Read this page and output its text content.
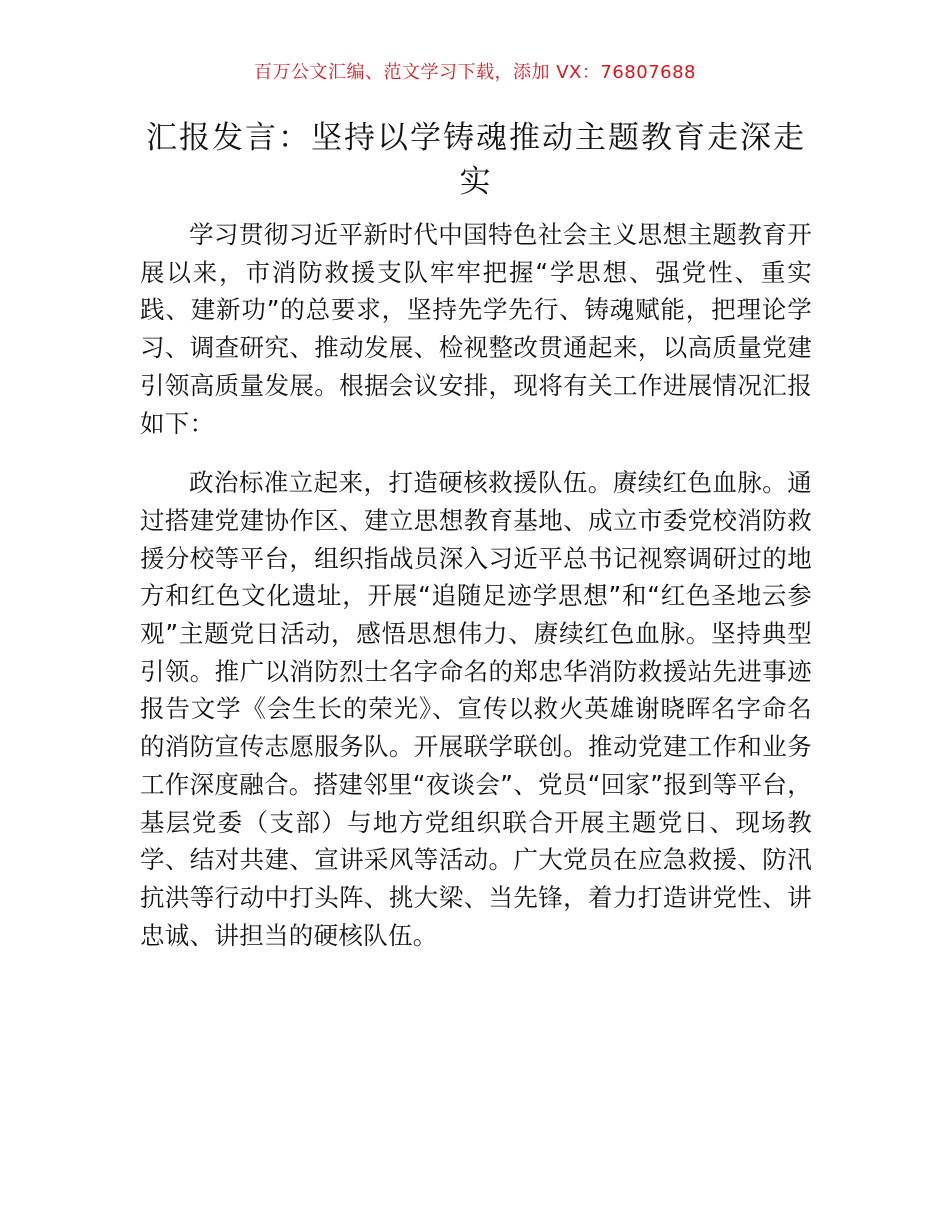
百万公文汇编、范文学习下载，添加 VX：76807688
汇报发言：坚持以学铸魂推动主题教育走深走实

学习贯彻习近平新时代中国特色社会主义思想主题教育开展以来，市消防救援支队牢牢把握“学思想、强党性、重实践、建新功”的总要求，坚持先学先行、铸魂赋能，把理论学习、调查研究、推动发展、检视整改贯通起来，以高质量党建引领高质量发展。根据会议安排，现将有关工作进展情况汇报如下：

政治标准立起来，打造硬核救援队伍。赓续红色血脉。通过搭建党建协作区、建立思想教育基地、成立市委党校消防救援分校等平台，组织指战员深入习近平总书记视察调研过的地方和红色文化遗址，开展“追随足迹学思想”和“红色圣地云参观”主题党日活动，感悟思想伟力、赓续红色血脉。坚持典型引领。推广以消防烈士名字命名的郑忠华消防救援站先进事迹报告文学《会生长的荣光》、宣传以救火英雄谢晓晖名字命名的消防宣传志愿服务队。开展联学联创。推动党建工作和业务工作深度融合。搭建邻里“夜谈会”、党员“回家”报到等平台，基层党委（支部）与地方党组织联合开展主题党日、现场教学、结对共建、宣讲采风等活动。广大党员在应急救援、防汛抗洪等行动中打头阵、挑大梁、当先锋，着力打造讲党性、讲忠诚、讲担当的硬核队伍。
